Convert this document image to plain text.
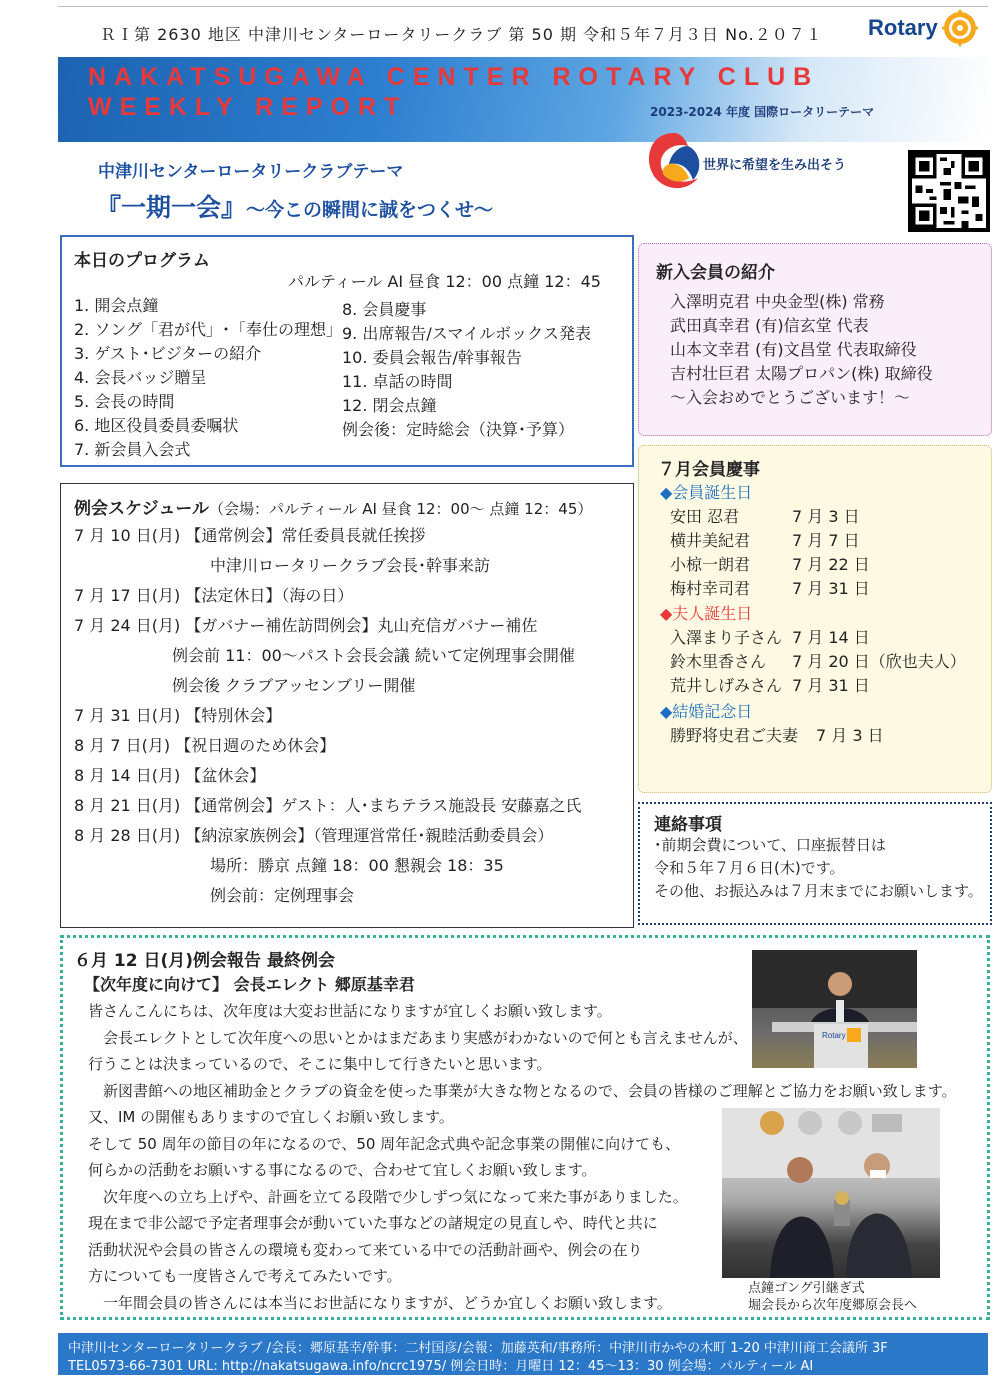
ＲＩ第 2630 地区 中津川センターロータリークラブ 第 50 期 令和５年７月３日 No.２０７１ Rotary
NAKATSUGAWA CENTER ROTARY CLUB
WEEKLY REPORT	2023-2024 年度 国際ロータリーテーマ
世界に希望を生み出そう
中津川センターロータリークラブテーマ
『一期一会』〜今この瞬間に誠をつくせ〜
本日のプログラム
パルティール AI 昼食 12：00 点鐘 12：45
1. 開会点鐘
2. ソング「君が代」･「奉仕の理想」
3. ゲスト･ビジターの紹介
4. 会長バッジ贈呈
5. 会長の時間
6. 地区役員委員委嘱状
7. 新会員入会式
8. 会員慶事
9. 出席報告/スマイルボックス発表
10. 委員会報告/幹事報告
11. 卓話の時間
12. 閉会点鐘
例会後：定時総会（決算･予算）
例会スケジュール（会場：パルティール AI 昼食 12：00〜 点鐘 12：45）
7 月 10 日(月) 【通常例会】常任委員長就任挨拶
中津川ロータリークラブ会長･幹事来訪
7 月 17 日(月) 【法定休日】（海の日）
7 月 24 日(月) 【ガバナー補佐訪問例会】丸山充信ガバナー補佐
例会前 11：00〜パスト会長会議 続いて定例理事会開催
例会後 クラブアッセンブリー開催
7 月 31 日(月) 【特別休会】
8 月 7 日(月) 【祝日週のため休会】
8 月 14 日(月) 【盆休会】
8 月 21 日(月) 【通常例会】ゲスト：人･まちテラス施設長 安藤嘉之氏
8 月 28 日(月) 【納涼家族例会】（管理運営常任･親睦活動委員会）
場所：勝京 点鐘 18：00 懇親会 18：35
例会前：定例理事会
新入会員の紹介
入澤明克君 中央金型(株) 常務
武田真幸君 (有)信玄堂 代表
山本文幸君 (有)文昌堂 代表取締役
吉村壮巨君 太陽プロパン(株) 取締役
〜入会おめでとうございます！〜
７月会員慶事
◆会員誕生日
安田 忍君	7 月 3 日
横井美紀君	7 月 7 日
小椋一朗君	7 月 22 日
梅村幸司君	7 月 31 日
◆夫人誕生日
入澤まり子さん 7 月 14 日
鈴木里香さん 7 月 20 日（欣也夫人）
荒井しげみさん 7 月 31 日
◆結婚記念日
勝野将史君ご夫妻 7 月 3 日
連絡事項
･前期会費について、口座振替日は
令和５年７月６日(木)です。
その他、お振込みは７月末までにお願いします。
６月 12 日(月)例会報告 最終例会
【次年度に向けて】 会長エレクト 郷原基幸君
皆さんこんにちは、次年度は大変お世話になりますが宜しくお願い致します。
　会長エレクトとして次年度への思いとかはまだあまり実感がわかないので何とも言えませんが、
行うことは決まっているので、そこに集中して行きたいと思います。
　新図書館への地区補助金とクラブの資金を使った事業が大きな物となるので、会員の皆様のご理解とご協力をお願い致します。
又、IM の開催もありますので宜しくお願い致します。
そして 50 周年の節目の年になるので、50 周年記念式典や記念事業の開催に向けても、
何らかの活動をお願いする事になるので、合わせて宜しくお願い致します。
　次年度への立ち上げや、計画を立てる段階で少しずつ気になって来た事がありました。
現在まで非公認で予定者理事会が動いていた事などの諸規定の見直しや、時代と共に
活動状況や会員の皆さんの環境も変わって来ている中での活動計画や、例会の在り
方についても一度皆さんで考えてみたいです。
　一年間会員の皆さんには本当にお世話になりますが、どうか宜しくお願い致します。
Rotary
点鐘ゴング引継ぎ式
堀会長から次年度郷原会長へ
中津川センターロータリークラブ /会長：郷原基幸/幹事：二村国彦/会報：加藤英和/事務所：中津川市かやの木町 1-20 中津川商工会議所 3F
TEL0573-66-7301 URL: http://nakatsugawa.info/ncrc1975/ 例会日時：月曜日 12：45〜13：30 例会場：パルティール AI
